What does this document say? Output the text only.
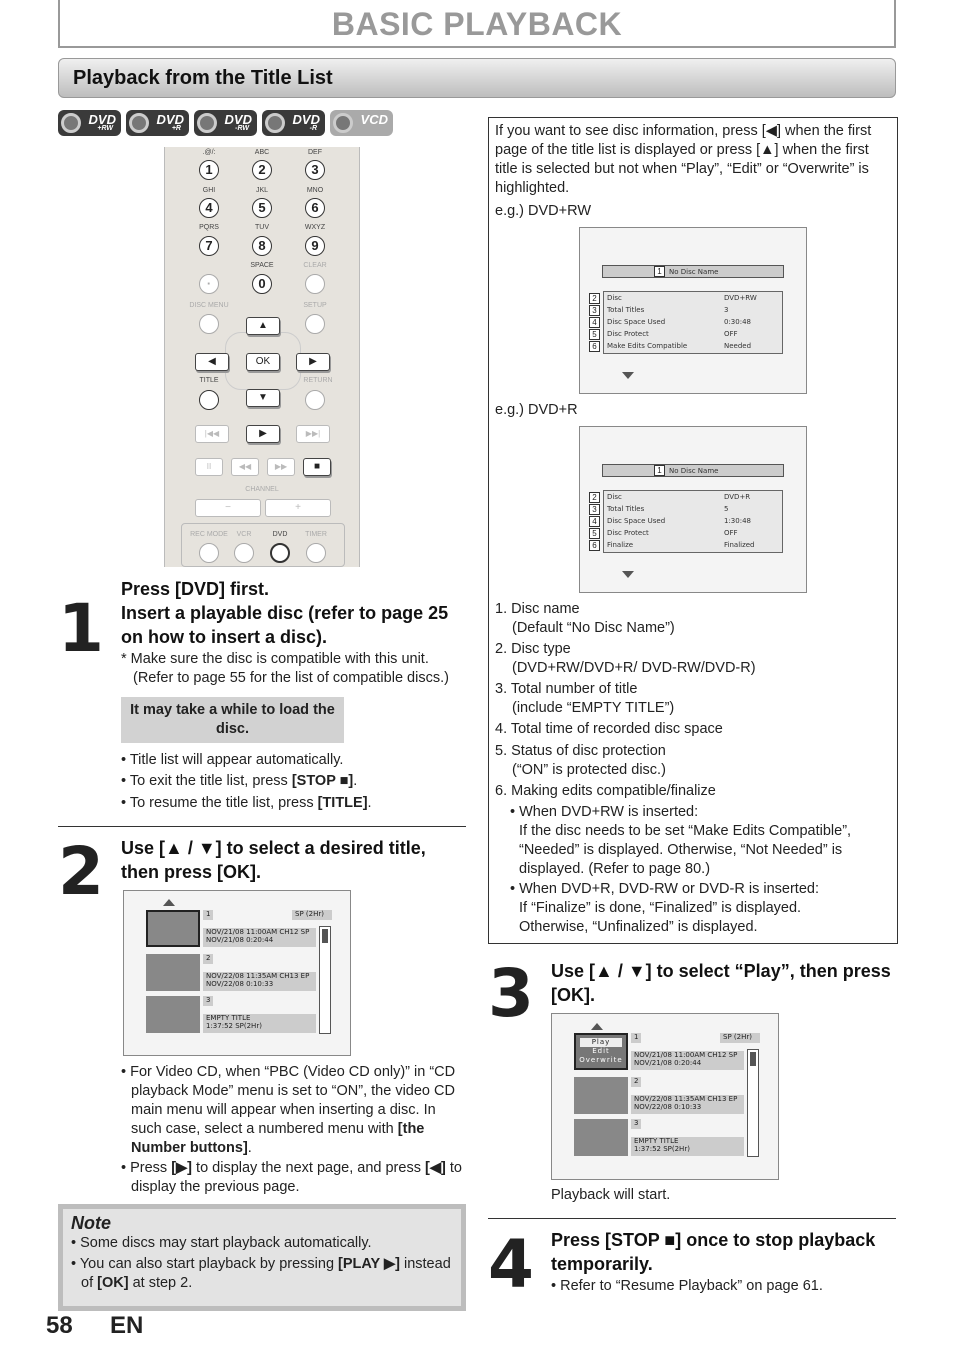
BASIC PLAYBACK
Playback from the Title List
DVD
+RW
DVD
+R
DVD
-RW
DVD
-R
VCD
.@/:	ABC	DEF
1	2	3
GHI	JKL	MNO
4	5	6
PQRS	TUV	WXYZ
7	8	9
SPACE	CLEAR
·	0
DISC MENU	SETUP
▲
◀	OK	▶
▼
TITLE	RETURN
|◀◀	▶	▶▶|
II	◀◀	▶▶	■
CHANNEL
−	+
REC MODE	VCR	DVD	TIMER
1
Press [DVD] first.
Insert a playable disc (refer to page 25 on how to insert a disc).
* Make sure the disc is compatible with this unit.
(Refer to page 55 for the list of compatible discs.)
It may take a while to load the disc.
• Title list will appear automatically.
• To exit the title list, press [STOP ■].
• To resume the title list, press [TITLE].
2 Use [▲ / ▼] to select a desired title, then press [OK].
1	SP (2Hr)
NOV/21/08 11:00AM CH12 SP
NOV/21/08 0:20:44
2
NOV/22/08 11:35AM CH13 EP
NOV/22/08 0:10:33
3
EMPTY TITLE
1:37:52 SP(2Hr)
• For Video CD, when “PBC (Video CD only)” in “CD playback Mode” menu is set to “ON”, the video CD main menu will appear when inserting a disc. In such case, select a numbered menu with [the Number buttons].
• Press [▶] to display the next page, and press [◀] to display the previous page.
Note
• Some discs may start playback automatically.
• You can also start playback by pressing [PLAY ▶] instead of [OK] at step 2.
58 EN
If you want to see disc information, press [◀] when the first page of the title list is displayed or press [▲] when the first title is selected but not when “Play”, “Edit” or “Overwrite” is highlighted.
e.g.) DVD+RW
1	No Disc Name
2
3
4
5
6
Disc	DVD+RW
Total Titles	3
Disc Space Used	0:30:48
Disc Protect	OFF
Make Edits Compatible	Needed
e.g.) DVD+R
1	No Disc Name
2
3
4
5
6
Disc	DVD+R
Total Titles	5
Disc Space Used	1:30:48
Disc Protect	OFF
Finalize	Finalized
1. Disc name
(Default “No Disc Name”)
2. Disc type
(DVD+RW/DVD+R/ DVD-RW/DVD-R)
3. Total number of title
(include “EMPTY TITLE”)
4. Total time of recorded disc space
5. Status of disc protection
(“ON” is protected disc.)
6. Making edits compatible/finalize
• When DVD+RW is inserted:
If the disc needs to be set “Make Edits Compatible”, “Needed” is displayed. Otherwise, “Not Needed” is displayed. (Refer to page 80.)
• When DVD+R, DVD-RW or DVD-R is inserted:
If “Finalize” is done, “Finalized” is displayed. Otherwise, “Unfinalized” is displayed.
3 Use [▲ / ▼] to select “Play”, then press [OK].
Play
Edit
Overwrite
1	SP (2Hr)
NOV/21/08 11:00AM CH12 SP
NOV/21/08 0:20:44
2
NOV/22/08 11:35AM CH13 EP
NOV/22/08 0:10:33
3
EMPTY TITLE
1:37:52 SP(2Hr)
Playback will start.
4 Press [STOP ■] once to stop playback temporarily.
• Refer to “Resume Playback” on page 61.
